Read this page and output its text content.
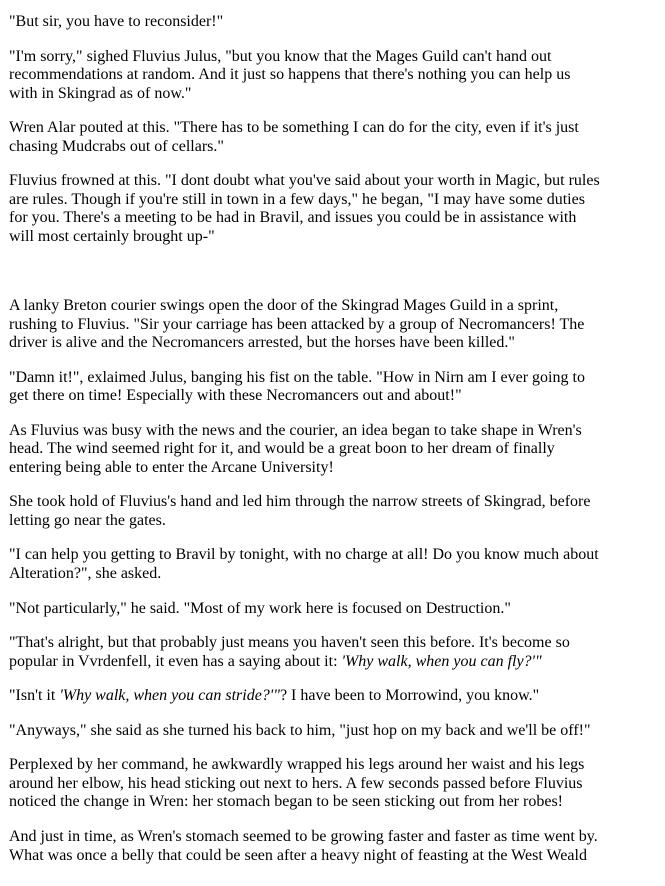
"But sir, you have to reconsider!"

"I'm sorry," sighed Fluvius Julus, "but you know that the Mages Guild can't hand out recommendations at random. And it just so happens that there's nothing you can help us with in Skingrad as of now."

Wren Alar pouted at this. "There has to be something I can do for the city, even if it's just chasing Mudcrabs out of cellars."

Fluvius frowned at this. "I dont doubt what you've said about your worth in Magic, but rules are rules. Though if you're still in town in a few days," he began, "I may have some duties for you. There's a meeting to be had in Bravil, and issues you could be in assistance with will most certainly brought up-"

A lanky Breton courier swings open the door of the Skingrad Mages Guild in a sprint, rushing to Fluvius. "Sir your carriage has been attacked by a group of Necromancers! The driver is alive and the Necromancers arrested, but the horses have been killed."

"Damn it!", exlaimed Julus, banging his fist on the table. "How in Nirn am I ever going to get there on time! Especially with these Necromancers out and about!"

As Fluvius was busy with the news and the courier, an idea began to take shape in Wren's head. The wind seemed right for it, and would be a great boon to her dream of finally entering being able to enter the Arcane University!

She took hold of Fluvius's hand and led him through the narrow streets of Skingrad, before letting go near the gates.

"I can help you getting to Bravil by tonight, with no charge at all! Do you know much about Alteration?", she asked.

"Not particularly," he said. "Most of my work here is focused on Destruction."

"That's alright, but that probably just means you haven't seen this before. It's become so popular in Vvrdenfell, it even has a saying about it: 'Why walk, when you can fly?'"

"Isn't it 'Why walk, when you can stride?'"? I have been to Morrowind, you know."

"Anyways," she said as she turned his back to him, "just hop on my back and we'll be off!"

Perplexed by her command, he awkwardly wrapped his legs around her waist and his legs around her elbow, his head sticking out next to hers. A few seconds passed before Fluvius noticed the change in Wren: her stomach began to be seen sticking out from her robes!

And just in time, as Wren's stomach seemed to be growing faster and faster as time went by. What was once a belly that could be seen after a heavy night of feasting at the West Weald
